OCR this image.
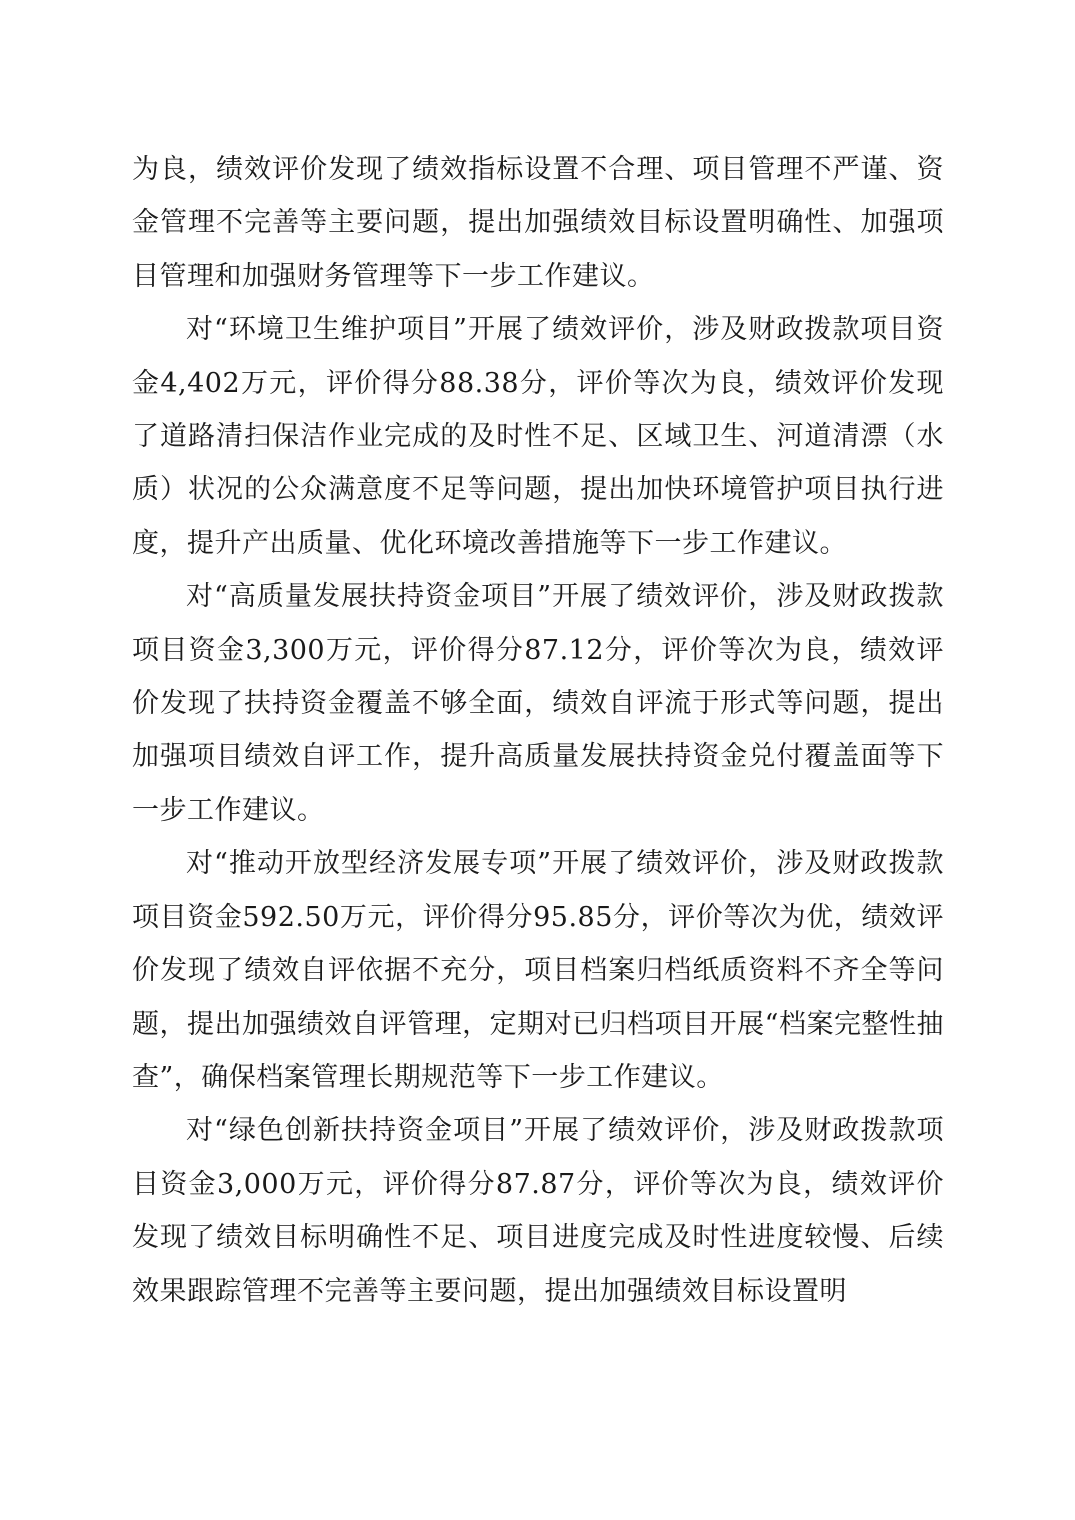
为良，绩效评价发现了绩效指标设置不合理、项目管理不严谨、资金管理不完善等主要问题，提出加强绩效目标设置明确性、加强项目管理和加强财务管理等下一步工作建议。

对“环境卫生维护项目”开展了绩效评价，涉及财政拨款项目资金4,402万元，评价得分88.38分，评价等次为良，绩效评价发现了道路清扫保洁作业完成的及时性不足、区域卫生、河道清漂（水质）状况的公众满意度不足等问题，提出加快环境管护项目执行进度，提升产出质量、优化环境改善措施等下一步工作建议。

对“高质量发展扶持资金项目”开展了绩效评价，涉及财政拨款项目资金3,300万元，评价得分87.12分，评价等次为良，绩效评价发现了扶持资金覆盖不够全面，绩效自评流于形式等问题，提出加强项目绩效自评工作，提升高质量发展扶持资金兑付覆盖面等下一步工作建议。

对“推动开放型经济发展专项”开展了绩效评价，涉及财政拨款项目资金592.50万元，评价得分95.85分，评价等次为优，绩效评价发现了绩效自评依据不充分，项目档案归档纸质资料不齐全等问题，提出加强绩效自评管理，定期对已归档项目开展“档案完整性抽查”，确保档案管理长期规范等下一步工作建议。

对“绿色创新扶持资金项目”开展了绩效评价，涉及财政拨款项目资金3,000万元，评价得分87.87分，评价等次为良，绩效评价发现了绩效目标明确性不足、项目进度完成及时性进度较慢、后续效果跟踪管理不完善等主要问题，提出加强绩效目标设置明
